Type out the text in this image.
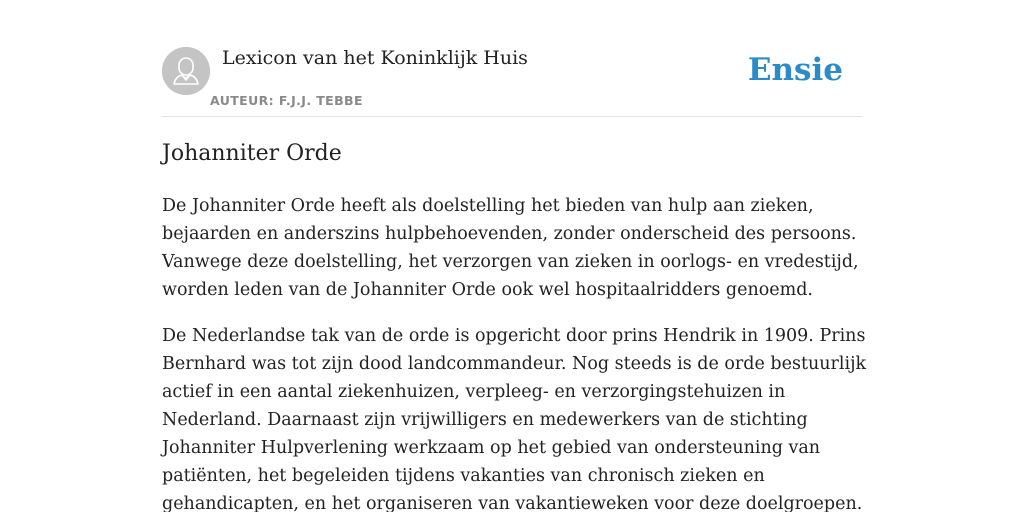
Lexicon van het Koninklijk Huis
AUTEUR: F.J.J. TEBBE
Ensie
Johanniter Orde

De Johanniter Orde heeft als doelstelling het bieden van hulp aan zieken, bejaarden en anderszins hulpbehoevenden, zonder onderscheid des persoons. Vanwege deze doelstelling, het verzorgen van zieken in oorlogs- en vredestijd, worden leden van de Johanniter Orde ook wel hospitaalridders genoemd.

De Nederlandse tak van de orde is opgericht door prins Hendrik in 1909. Prins Bernhard was tot zijn dood landcommandeur. Nog steeds is de orde bestuurlijk actief in een aantal ziekenhuizen, verpleeg- en verzorgingstehuizen in Nederland. Daarnaast zijn vrijwilligers en medewerkers van de stichting Johanniter Hulpverlening werkzaam op het gebied van ondersteuning van patiënten, het begeleiden tijdens vakanties van chronisch zieken en gehandicapten, en het organiseren van vakantieweken voor deze doelgroepen.
